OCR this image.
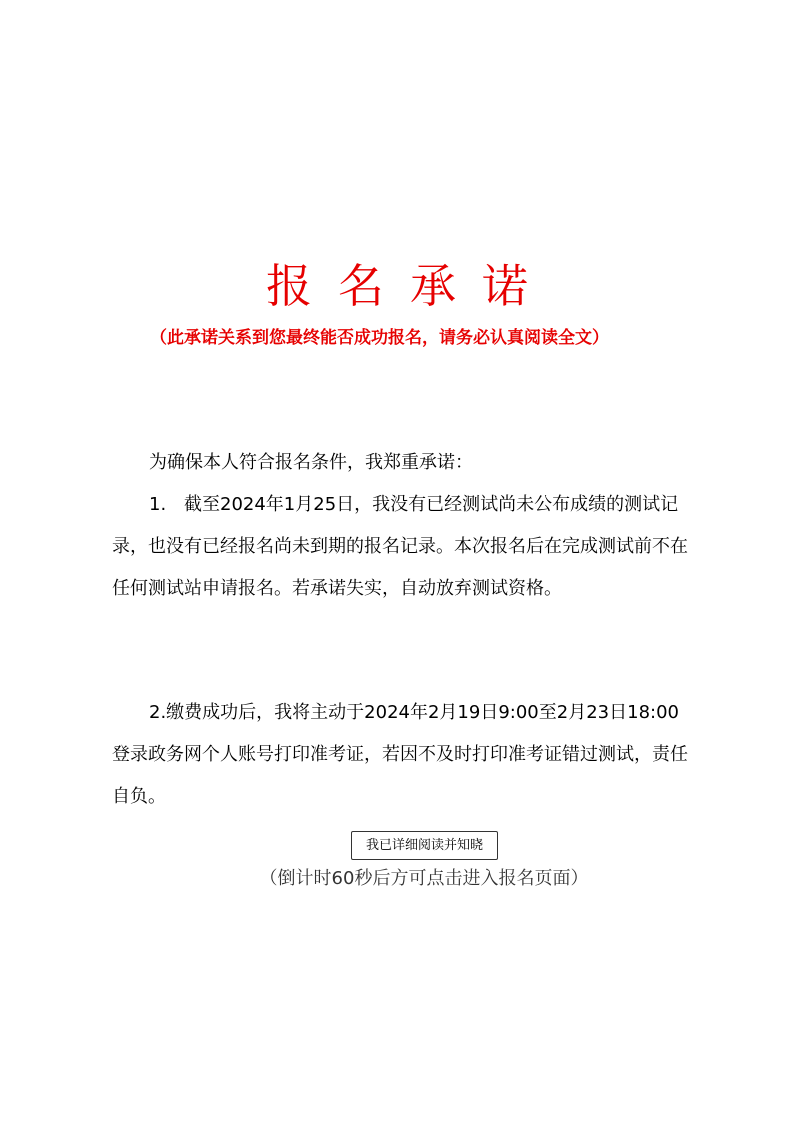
报名承诺
（此承诺关系到您最终能否成功报名，请务必认真阅读全文）
为确保本人符合报名条件，我郑重承诺：
1. 截至2024年1月25日，我没有已经测试尚未公布成绩的测试记录，也没有已经报名尚未到期的报名记录。本次报名后在完成测试前不在任何测试站申请报名。若承诺失实，自动放弃测试资格。
2.缴费成功后，我将主动于2024年2月19日9:00至2月23日18:00登录政务网个人账号打印准考证，若因不及时打印准考证错过测试，责任自负。
我已详细阅读并知晓
（倒计时60秒后方可点击进入报名页面）
